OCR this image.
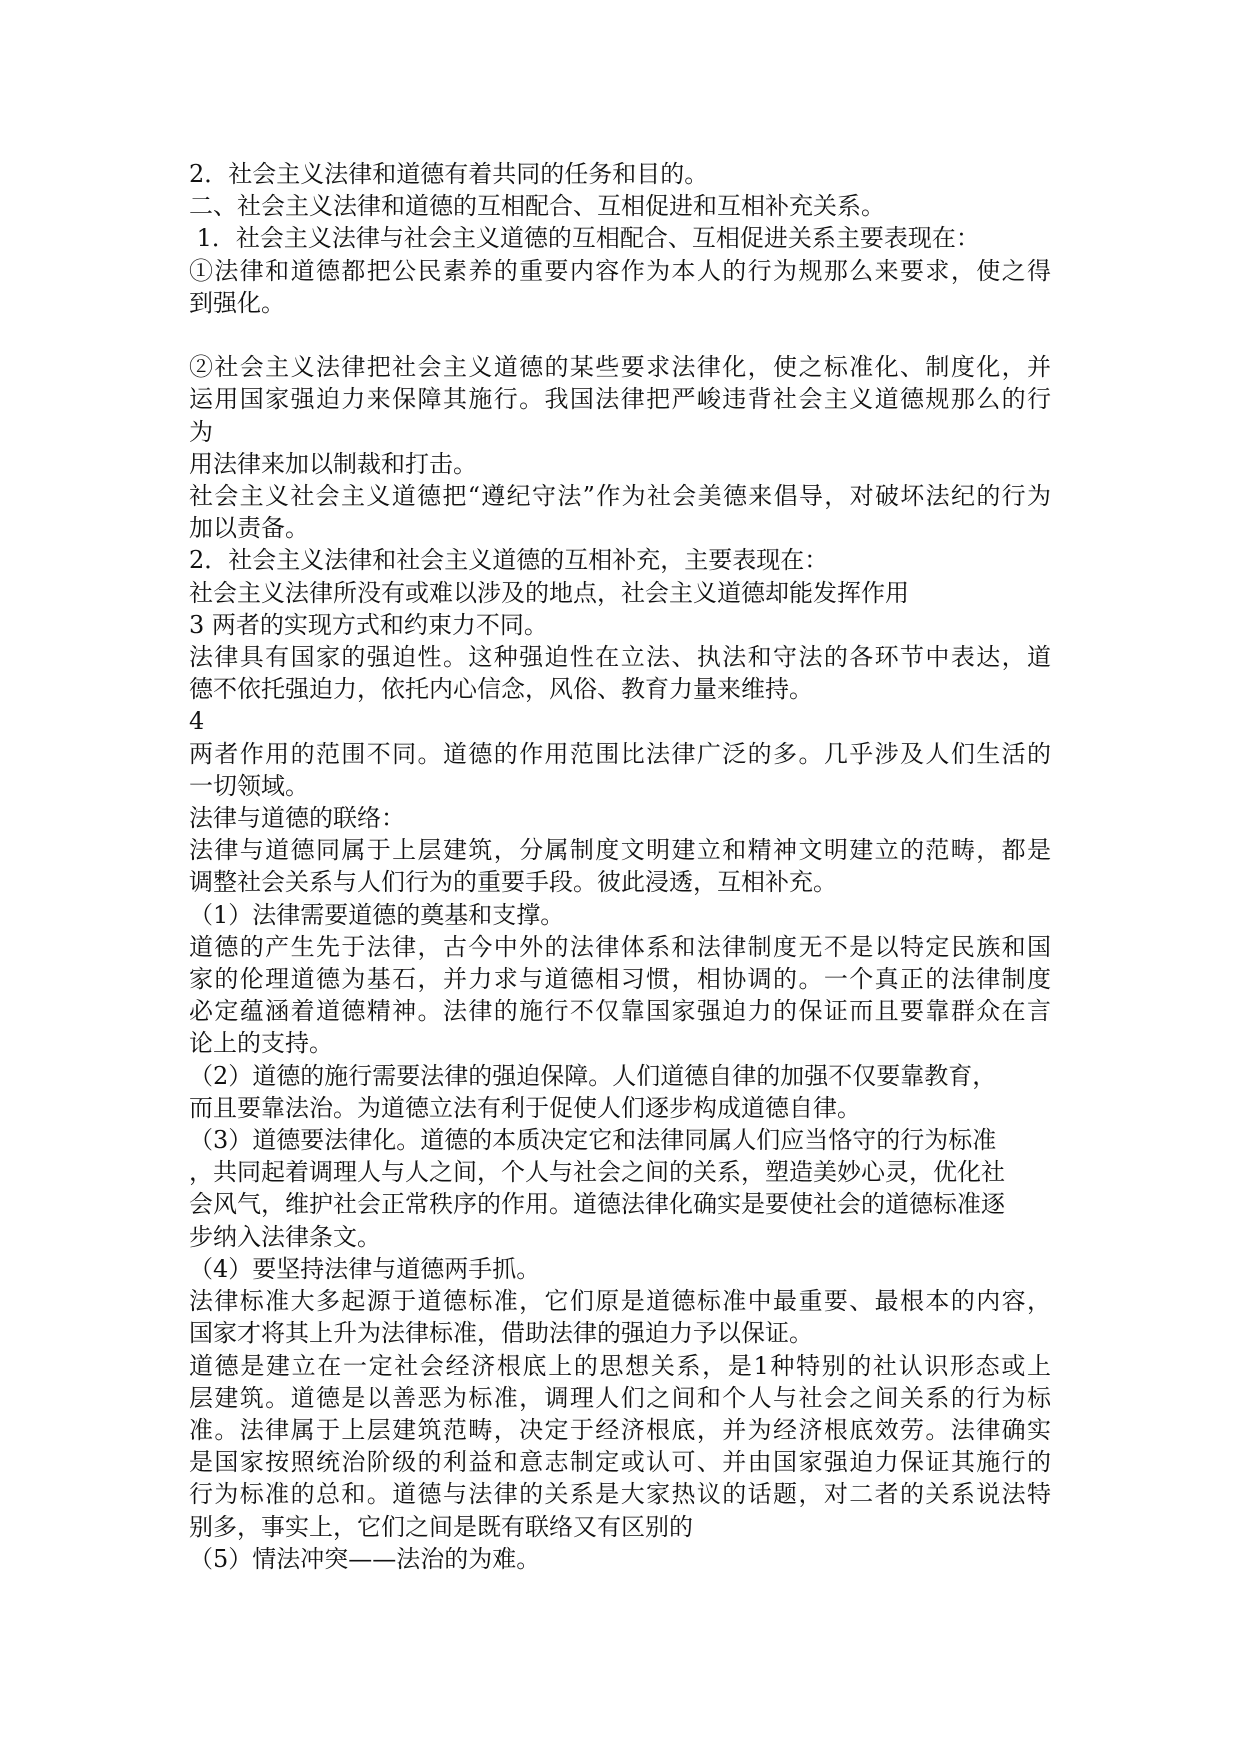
2．社会主义法律和道德有着共同的任务和目的。
二、社会主义法律和道德的互相配合、互相促进和互相补充关系。
1．社会主义法律与社会主义道德的互相配合、互相促进关系主要表现在：
①法律和道德都把公民素养的重要内容作为本人的行为规那么来要求，使之得
到强化。
②社会主义法律把社会主义道德的某些要求法律化，使之标准化、制度化，并
运用国家强迫力来保障其施行。我国法律把严峻违背社会主义道德规那么的行
为
用法律来加以制裁和打击。
社会主义社会主义道德把“遵纪守法”作为社会美德来倡导，对破坏法纪的行为
加以责备。
2．社会主义法律和社会主义道德的互相补充，主要表现在：
社会主义法律所没有或难以涉及的地点，社会主义道德却能发挥作用
3 两者的实现方式和约束力不同。
法律具有国家的强迫性。这种强迫性在立法、执法和守法的各环节中表达，道
德不依托强迫力，依托内心信念，风俗、教育力量来维持。
4
两者作用的范围不同。道德的作用范围比法律广泛的多。几乎涉及人们生活的
一切领域。
法律与道德的联络：
法律与道德同属于上层建筑，分属制度文明建立和精神文明建立的范畴，都是
调整社会关系与人们行为的重要手段。彼此浸透，互相补充。
（1）法律需要道德的奠基和支撑。
道德的产生先于法律，古今中外的法律体系和法律制度无不是以特定民族和国
家的伦理道德为基石，并力求与道德相习惯，相协调的。一个真正的法律制度
必定蕴涵着道德精神。法律的施行不仅靠国家强迫力的保证而且要靠群众在言
论上的支持。
（2）道德的施行需要法律的强迫保障。人们道德自律的加强不仅要靠教育，
而且要靠法治。为道德立法有利于促使人们逐步构成道德自律。
（3）道德要法律化。道德的本质决定它和法律同属人们应当恪守的行为标准
，共同起着调理人与人之间，个人与社会之间的关系，塑造美妙心灵，优化社
会风气，维护社会正常秩序的作用。道德法律化确实是要使社会的道德标准逐
步纳入法律条文。
（4）要坚持法律与道德两手抓。
法律标准大多起源于道德标准，它们原是道德标准中最重要、最根本的内容，
国家才将其上升为法律标准，借助法律的强迫力予以保证。
道德是建立在一定社会经济根底上的思想关系，是1种特别的社认识形态或上
层建筑。道德是以善恶为标准，调理人们之间和个人与社会之间关系的行为标
准。法律属于上层建筑范畴，决定于经济根底，并为经济根底效劳。法律确实
是国家按照统治阶级的利益和意志制定或认可、并由国家强迫力保证其施行的
行为标准的总和。道德与法律的关系是大家热议的话题，对二者的关系说法特
别多，事实上，它们之间是既有联络又有区别的
（5）情法冲突——法治的为难。
